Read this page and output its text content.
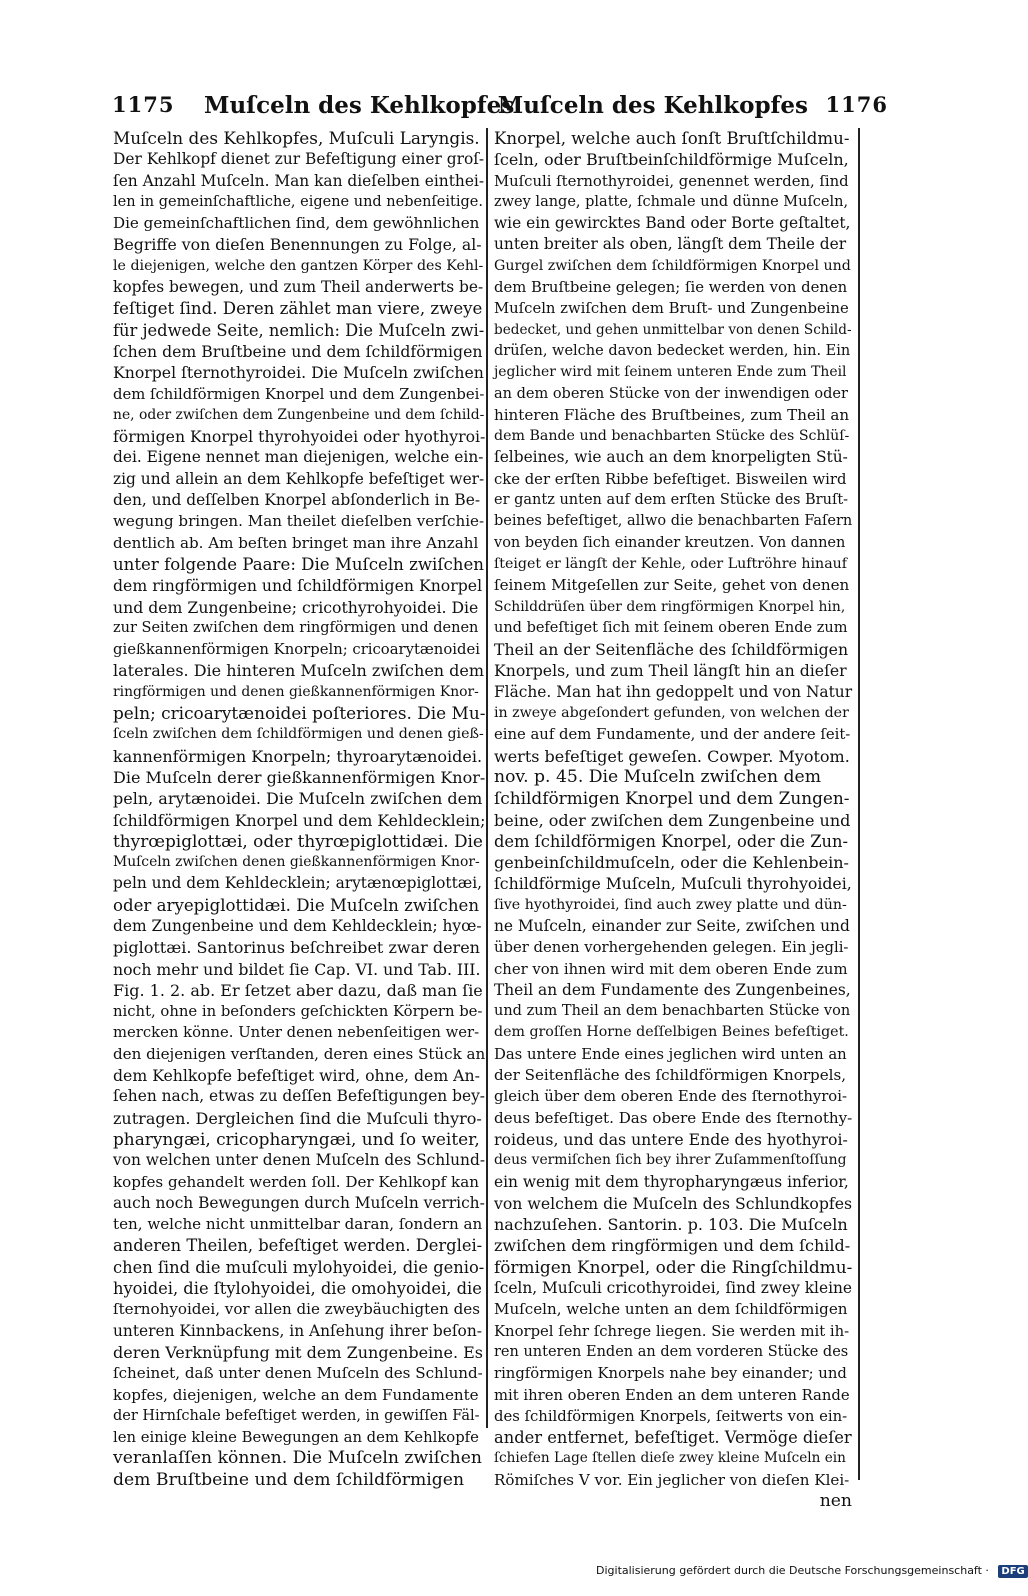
1175 Muſceln des Kehlkopfes
Muſceln des Kehlkopfes 1176
Muſceln des Kehlkopfes, Muſculi Laryngis.
Der Kehlkopf dienet zur Befeſtigung einer groſ-
ſen Anzahl Muſceln. Man kan dieſelben einthei-
len in gemeinſchaftliche, eigene und nebenſeitige.
Die gemeinſchaftlichen ſind, dem gewöhnlichen
Begriffe von dieſen Benennungen zu Folge, al-
le diejenigen, welche den gantzen Körper des Kehl-
kopfes bewegen, und zum Theil anderwerts be-
feſtiget ſind. Deren zählet man viere, zweye
für jedwede Seite, nemlich: Die Muſceln zwi-
ſchen dem Bruſtbeine und dem ſchildförmigen
Knorpel ſternothyroidei. Die Muſceln zwiſchen
dem ſchildförmigen Knorpel und dem Zungenbei-
ne, oder zwiſchen dem Zungenbeine und dem ſchild-
förmigen Knorpel thyrohyoidei oder hyothyroi-
dei. Eigene nennet man diejenigen, welche ein-
zig und allein an dem Kehlkopfe befeſtiget wer-
den, und deſſelben Knorpel abſonderlich in Be-
wegung bringen. Man theilet dieſelben verſchie-
dentlich ab. Am beſten bringet man ihre Anzahl
unter folgende Paare: Die Muſceln zwiſchen
dem ringförmigen und ſchildförmigen Knorpel
und dem Zungenbeine; cricothyrohyoidei. Die
zur Seiten zwiſchen dem ringförmigen und denen
gießkannenförmigen Knorpeln; cricoarytænoidei
laterales. Die hinteren Muſceln zwiſchen dem
ringförmigen und denen gießkannenförmigen Knor-
peln; cricoarytænoidei poſteriores. Die Mu-
ſceln zwiſchen dem ſchildförmigen und denen gieß-
kannenförmigen Knorpeln; thyroarytænoidei.
Die Muſceln derer gießkannenförmigen Knor-
peln, arytænoidei. Die Muſceln zwiſchen dem
ſchildförmigen Knorpel und dem Kehldecklein;
thyrœpiglottæi, oder thyrœpiglottidæi. Die
Muſceln zwiſchen denen gießkannenförmigen Knor-
peln und dem Kehldecklein; arytænœpiglottæi,
oder aryepiglottidæi. Die Muſceln zwiſchen
dem Zungenbeine und dem Kehldecklein; hyœ-
piglottæi. Santorinus beſchreibet zwar deren
noch mehr und bildet ſie Cap. VI. und Tab. III.
Fig. 1. 2. ab. Er ſetzet aber dazu, daß man ſie
nicht, ohne in beſonders geſchickten Körpern be-
mercken könne. Unter denen nebenſeitigen wer-
den diejenigen verſtanden, deren eines Stück an
dem Kehlkopfe befeſtiget wird, ohne, dem An-
ſehen nach, etwas zu deſſen Befeſtigungen bey-
zutragen. Dergleichen ſind die Muſculi thyro-
pharyngæi, cricopharyngæi, und ſo weiter,
von welchen unter denen Muſceln des Schlund-
kopfes gehandelt werden ſoll. Der Kehlkopf kan
auch noch Bewegungen durch Muſceln verrich-
ten, welche nicht unmittelbar daran, ſondern an
anderen Theilen, befeſtiget werden. Derglei-
chen ſind die muſculi mylohyoidei, die genio-
hyoidei, die ſtylohyoidei, die omohyoidei, die
ſternohyoidei, vor allen die zweybäuchigten des
unteren Kinnbackens, in Anſehung ihrer beſon-
deren Verknüpfung mit dem Zungenbeine. Es
ſcheinet, daß unter denen Muſceln des Schlund-
kopfes, diejenigen, welche an dem Fundamente
der Hirnſchale befeſtiget werden, in gewiſſen Fäl-
len einige kleine Bewegungen an dem Kehlkopfe
veranlaſſen können. Die Muſceln zwiſchen
dem Bruſtbeine und dem ſchildförmigen
Knorpel, welche auch ſonſt Bruſtſchildmu-
ſceln, oder Bruſtbeinſchildförmige Muſceln,
Muſculi ſternothyroidei, genennet werden, ſind
zwey lange, platte, ſchmale und dünne Muſceln,
wie ein gewircktes Band oder Borte geſtaltet,
unten breiter als oben, längſt dem Theile der
Gurgel zwiſchen dem ſchildförmigen Knorpel und
dem Bruſtbeine gelegen; ſie werden von denen
Muſceln zwiſchen dem Bruſt- und Zungenbeine
bedecket, und gehen unmittelbar von denen Schild-
drüſen, welche davon bedecket werden, hin. Ein
jeglicher wird mit ſeinem unteren Ende zum Theil
an dem oberen Stücke von der inwendigen oder
hinteren Fläche des Bruſtbeines, zum Theil an
dem Bande und benachbarten Stücke des Schlüſ-
ſelbeines, wie auch an dem knorpeligten Stü-
cke der erſten Ribbe befeſtiget. Bisweilen wird
er gantz unten auf dem erſten Stücke des Bruſt-
beines befeſtiget, allwo die benachbarten Faſern
von beyden ſich einander kreutzen. Von dannen
ſteiget er längſt der Kehle, oder Luftröhre hinauf
ſeinem Mitgeſellen zur Seite, gehet von denen
Schilddrüſen über dem ringförmigen Knorpel hin,
und befeſtiget ſich mit ſeinem oberen Ende zum
Theil an der Seitenfläche des ſchildförmigen
Knorpels, und zum Theil längſt hin an dieſer
Fläche. Man hat ihn gedoppelt und von Natur
in zweye abgeſondert gefunden, von welchen der
eine auf dem Fundamente, und der andere ſeit-
werts befeſtiget geweſen. Cowper. Myotom.
nov. p. 45. Die Muſceln zwiſchen dem
ſchildförmigen Knorpel und dem Zungen-
beine, oder zwiſchen dem Zungenbeine und
dem ſchildförmigen Knorpel, oder die Zun-
genbeinſchildmuſceln, oder die Kehlenbein-
ſchildförmige Muſceln, Muſculi thyrohyoidei,
ſive hyothyroidei, ſind auch zwey platte und dün-
ne Muſceln, einander zur Seite, zwiſchen und
über denen vorhergehenden gelegen. Ein jegli-
cher von ihnen wird mit dem oberen Ende zum
Theil an dem Fundamente des Zungenbeines,
und zum Theil an dem benachbarten Stücke von
dem groſſen Horne deſſelbigen Beines befeſtiget.
Das untere Ende eines jeglichen wird unten an
der Seitenfläche des ſchildförmigen Knorpels,
gleich über dem oberen Ende des ſternothyroi-
deus befeſtiget. Das obere Ende des ſternothy-
roideus, und das untere Ende des hyothyroi-
deus vermiſchen ſich bey ihrer Zuſammenſtoſſung
ein wenig mit dem thyropharyngæus inferior,
von welchem die Muſceln des Schlundkopfes
nachzuſehen. Santorin. p. 103. Die Muſceln
zwiſchen dem ringförmigen und dem ſchild-
förmigen Knorpel, oder die Ringſchildmu-
ſceln, Muſculi cricothyroidei, ſind zwey kleine
Muſceln, welche unten an dem ſchildförmigen
Knorpel ſehr ſchrege liegen. Sie werden mit ih-
ren unteren Enden an dem vorderen Stücke des
ringförmigen Knorpels nahe bey einander; und
mit ihren oberen Enden an dem unteren Rande
des ſchildförmigen Knorpels, ſeitwerts von ein-
ander entfernet, befeſtiget. Vermöge dieſer
ſchiefen Lage ſtellen dieſe zwey kleine Muſceln ein
Römiſches V vor. Ein jeglicher von dieſen Klei-
nen
Digitalisierung gefördert durch die Deutsche Forschungsgemeinschaft · DFG
